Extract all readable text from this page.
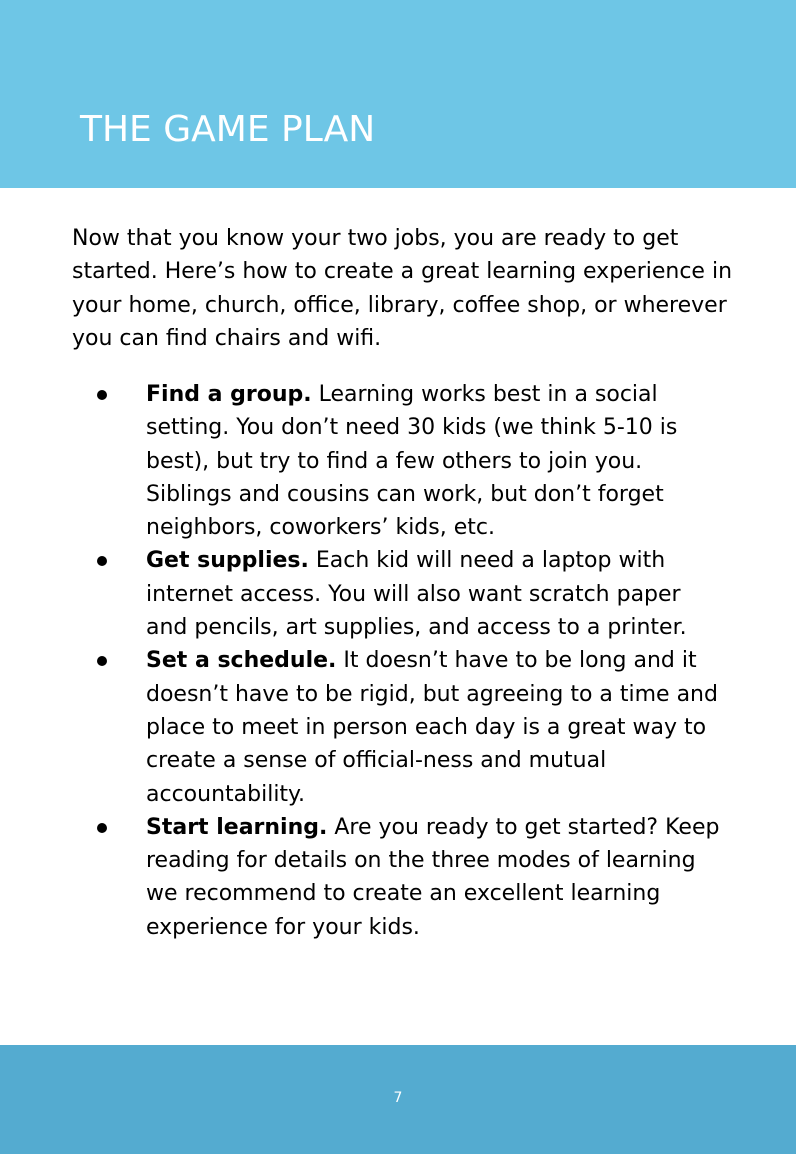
THE GAME PLAN

Now that you know your two jobs, you are ready to get started. Here’s how to create a great learning experience in your home, church, office, library, coffee shop, or wherever you can find chairs and wifi.

Find a group. Learning works best in a social setting. You don’t need 30 kids (we think 5-10 is best), but try to find a few others to join you. Siblings and cousins can work, but don’t forget neighbors, coworkers’ kids, etc.

Get supplies. Each kid will need a laptop with internet access. You will also want scratch paper and pencils, art supplies, and access to a printer.

Set a schedule. It doesn’t have to be long and it doesn’t have to be rigid, but agreeing to a time and place to meet in person each day is a great way to create a sense of official-ness and mutual accountability.

Start learning. Are you ready to get started? Keep reading for details on the three modes of learning we recommend to create an excellent learning experience for your kids.

7
